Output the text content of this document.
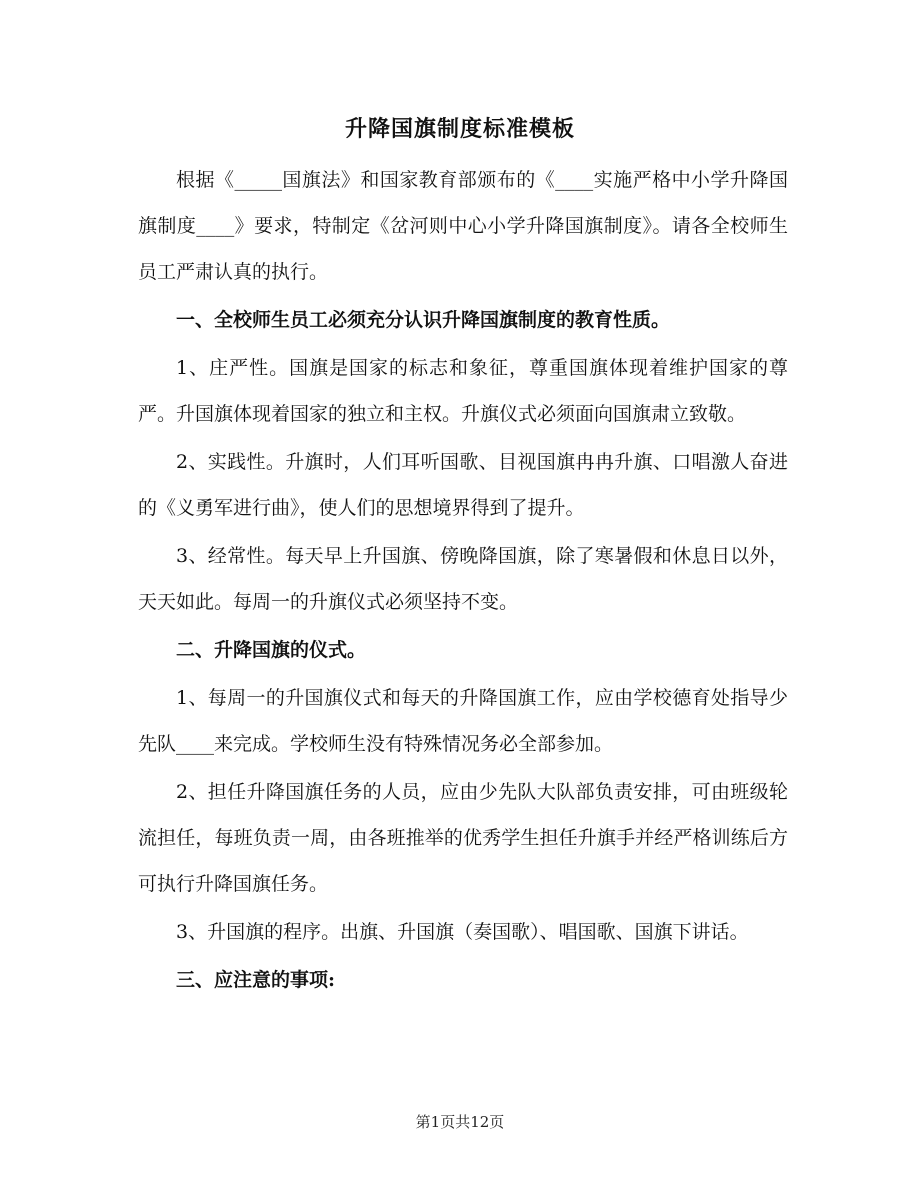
升降国旗制度标准模板

根据《_____国旗法》和国家教育部颁布的《____实施严格中小学升降国旗制度____》要求，特制定《岔河则中心小学升降国旗制度》。请各全校师生员工严肃认真的执行。

一、全校师生员工必须充分认识升降国旗制度的教育性质。

1、庄严性。国旗是国家的标志和象征，尊重国旗体现着维护国家的尊严。升国旗体现着国家的独立和主权。升旗仪式必须面向国旗肃立致敬。

2、实践性。升旗时，人们耳听国歌、目视国旗冉冉升旗、口唱激人奋进的《义勇军进行曲》，使人们的思想境界得到了提升。

3、经常性。每天早上升国旗、傍晚降国旗，除了寒暑假和休息日以外，天天如此。每周一的升旗仪式必须坚持不变。

二、升降国旗的仪式。

1、每周一的升国旗仪式和每天的升降国旗工作，应由学校德育处指导少先队____来完成。学校师生没有特殊情况务必全部参加。

2、担任升降国旗任务的人员，应由少先队大队部负责安排，可由班级轮流担任，每班负责一周，由各班推举的优秀学生担任升旗手并经严格训练后方可执行升降国旗任务。

3、升国旗的程序。出旗、升国旗（奏国歌）、唱国歌、国旗下讲话。

三、应注意的事项:

第1页共12页
